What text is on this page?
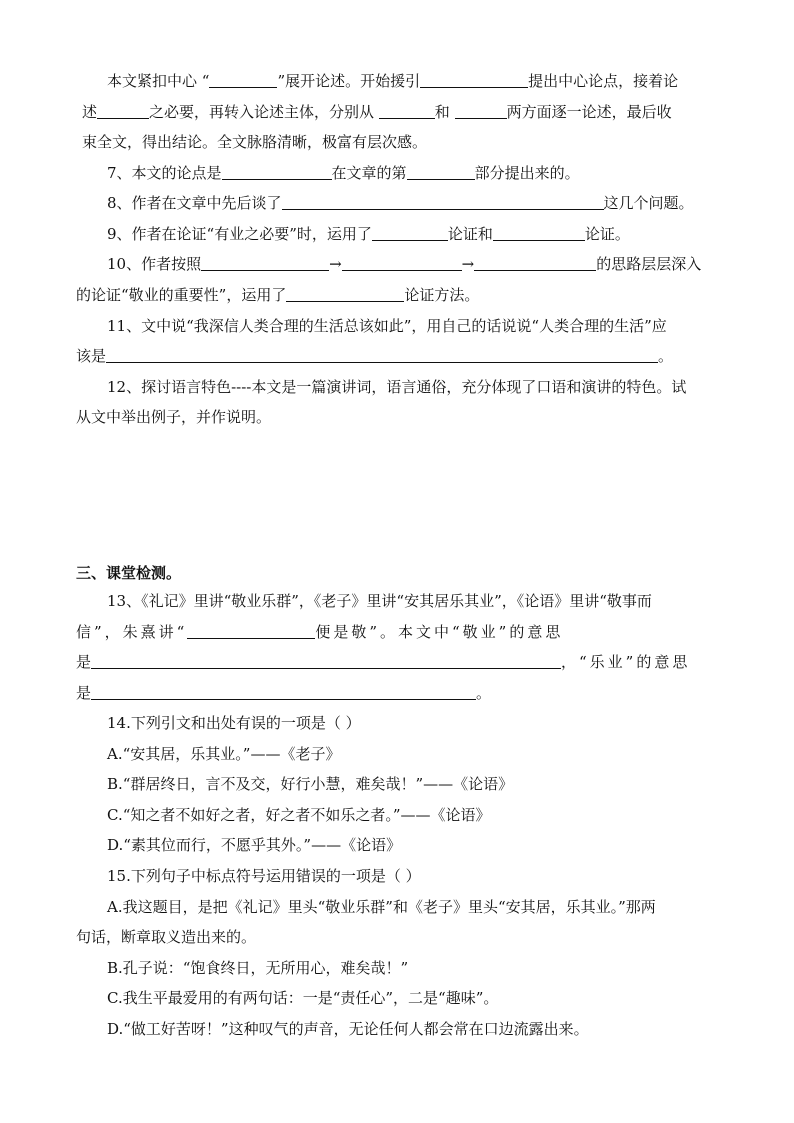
本文紧扣中心 “	”展开论述。开始援引	提出中心论点，接着论
述	之必要，再转入论述主体，分别从	和	两方面逐一论述，最后收
束全文，得出结论。全文脉胳清晰，极富有层次感。
7、本文的论点是	在文章的第	部分提出来的。
8、作者在文章中先后谈了	这几个问题。
9、作者在论证“有业之必要”时，运用了	论证和	论证。
10、作者按照	→	→	的思路层层深入
的论证“敬业的重要性”，运用了	论证方法。
11、文中说“我深信人类合理的生活总该如此”，用自己的话说说“人类合理的生活”应
该是	。
12、探讨语言特色----本文是一篇演讲词，语言通俗，充分体现了口语和演讲的特色。试
从文中举出例子，并作说明。
三、课堂检测。
13、《礼记》里讲“敬业乐群”，《老子》里讲“安其居乐其业”，《论语》里讲“敬事而
信”，朱熹讲“	便是敬”。本文中“敬业”的意思
是	，“乐业”的意思
是	。
14.下列引文和出处有误的一项是（ ）
A.“安其居，乐其业。”——《老子》
B.“群居终日，言不及交，好行小慧，难矣哉！”——《论语》
C.“知之者不如好之者，好之者不如乐之者。”——《论语》
D.“素其位而行，不愿乎其外。”——《论语》
15.下列句子中标点符号运用错误的一项是（ ）
A.我这题目，是把《礼记》里头“敬业乐群”和《老子》里头“安其居，乐其业。”那两
句话，断章取义造出来的。
B.孔子说：“饱食终日，无所用心，难矣哉！”
C.我生平最爱用的有两句话：一是“责任心”，二是“趣味”。
D.“做工好苦呀！”这种叹气的声音，无论任何人都会常在口边流露出来。
